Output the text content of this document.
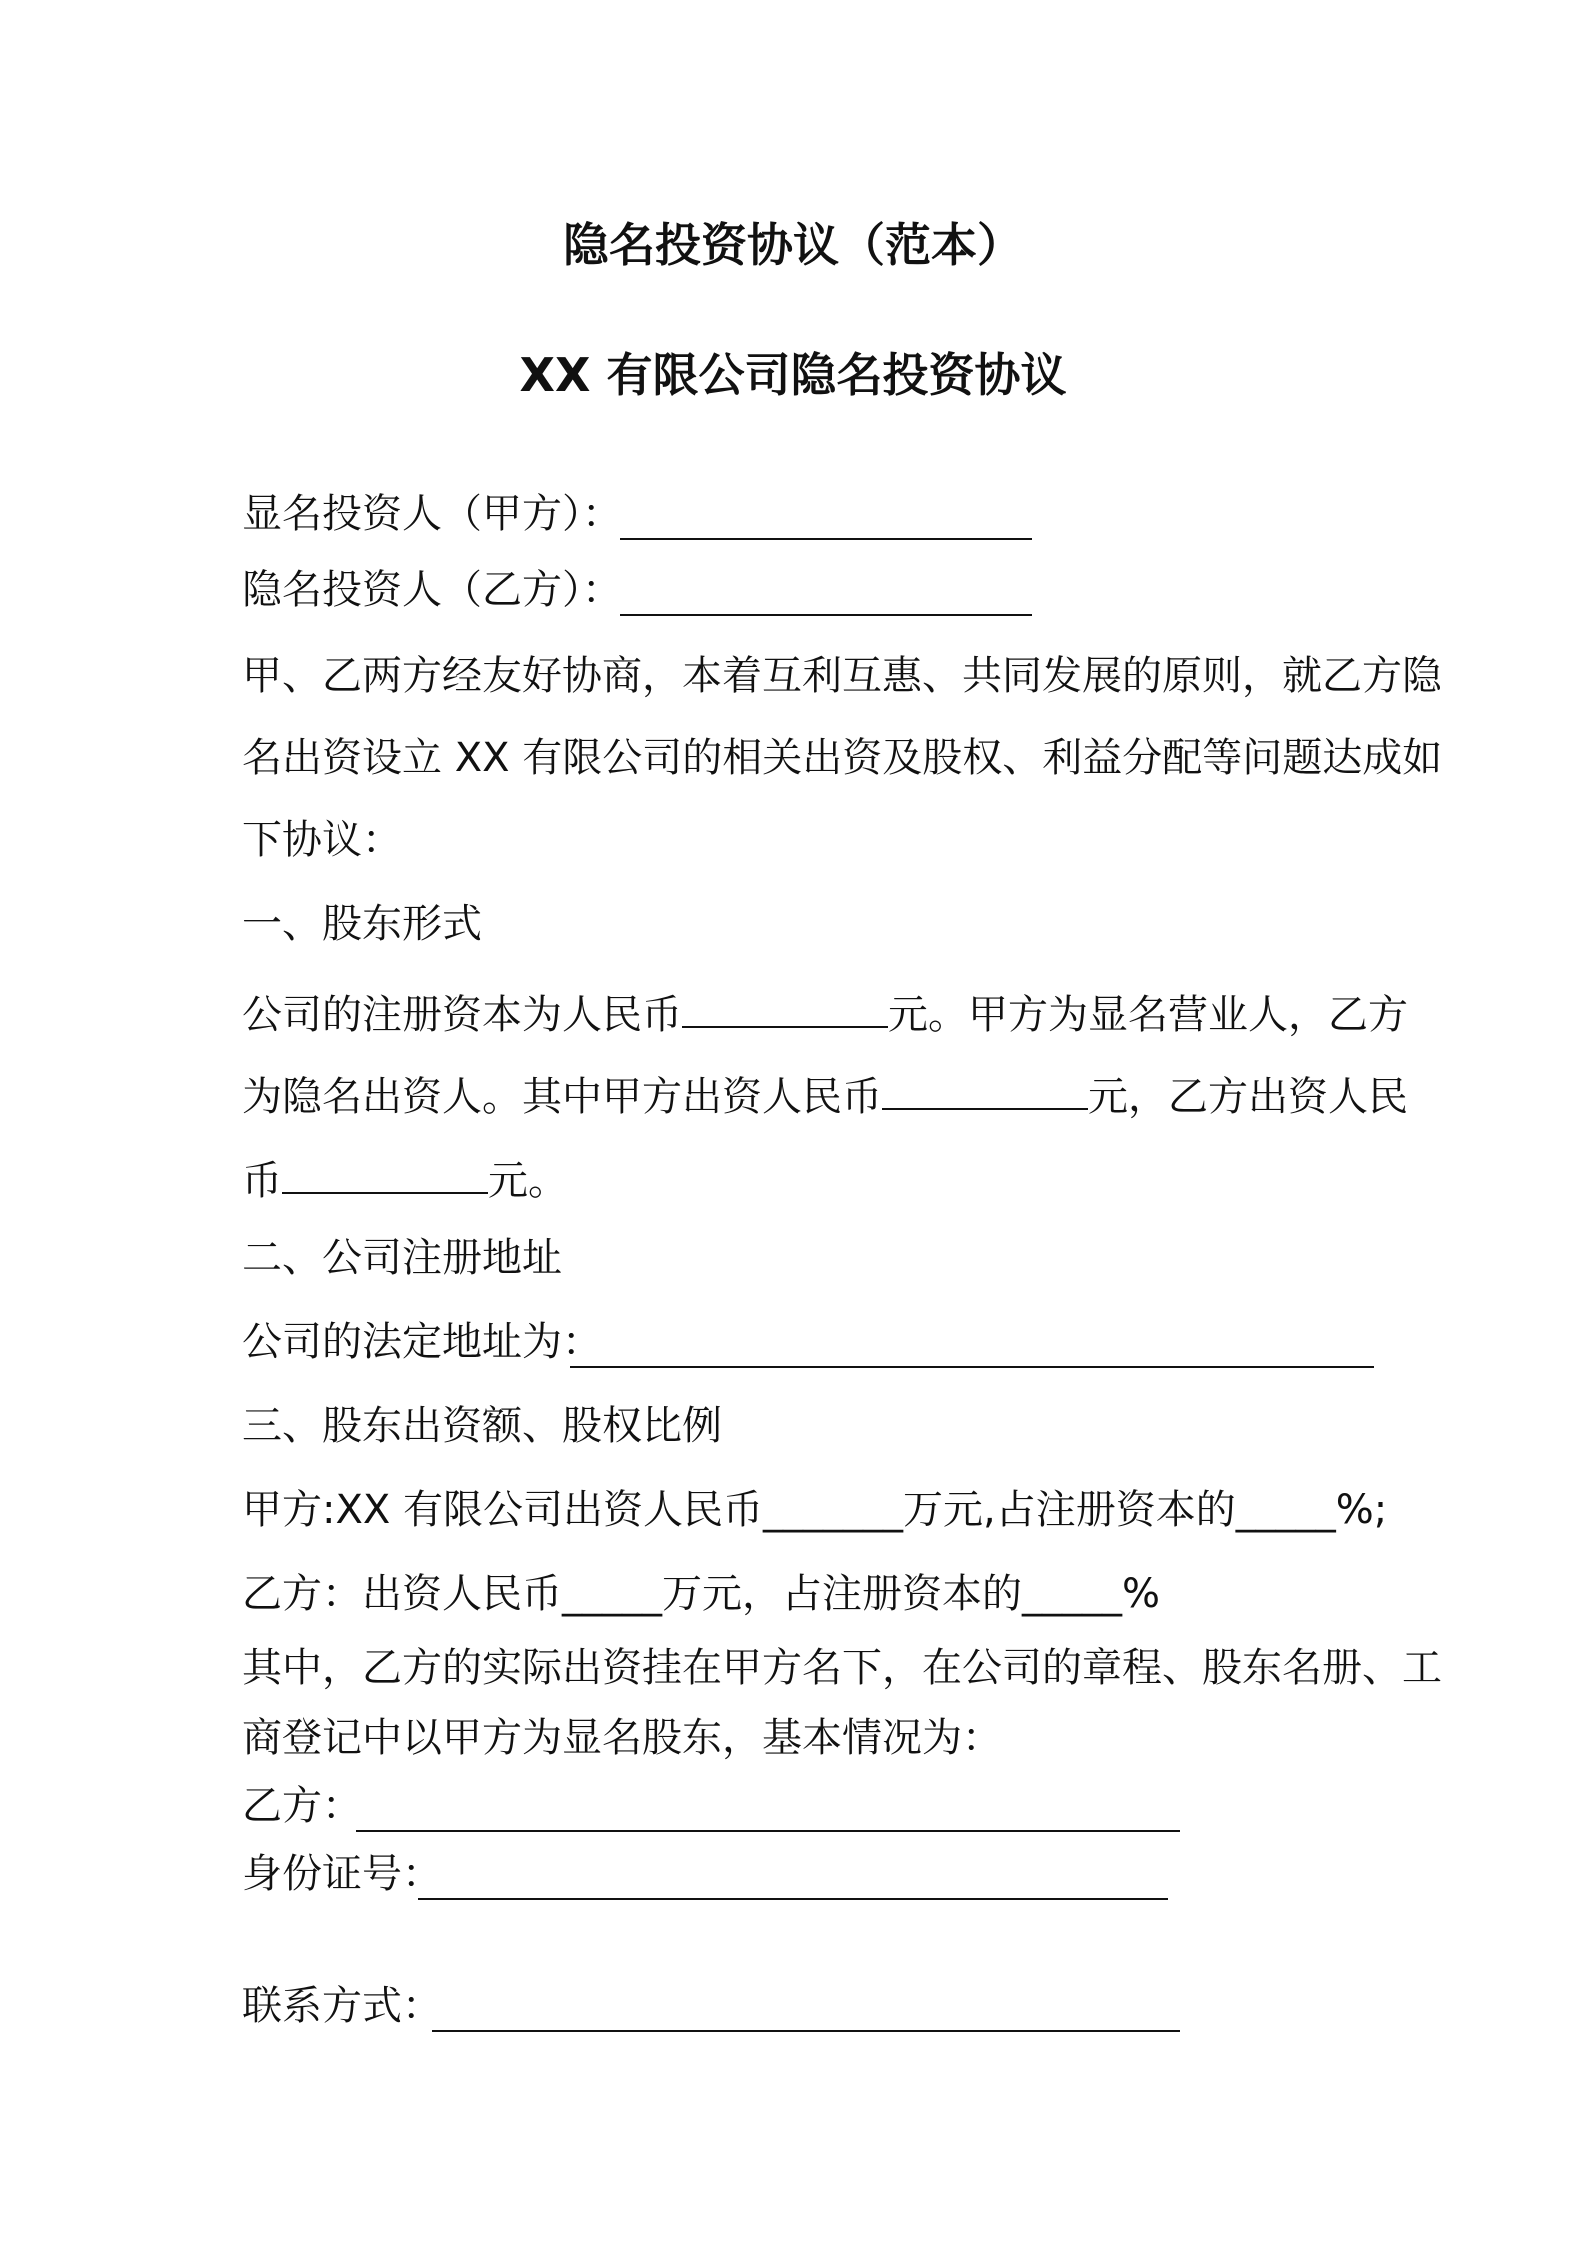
隐名投资协议（范本）
XX 有限公司隐名投资协议
显名投资人（甲方）：
隐名投资人（乙方）：
甲、乙两方经友好协商，本着互利互惠、共同发展的原则，就乙方隐
名出资设立 XX 有限公司的相关出资及股权、利益分配等问题达成如
下协议：
一、股东形式
公司的注册资本为人民币	元。甲方为显名营业人，乙方
为隐名出资人。其中甲方出资人民币	元，乙方出资人民
币	元。
二、公司注册地址
公司的法定地址为：
三、股东出资额、股权比例
甲方:XX 有限公司出资人民币_______万元,占注册资本的_____%;
乙方：出资人民币_____万元，占注册资本的_____%
其中，乙方的实际出资挂在甲方名下，在公司的章程、股东名册、工
商登记中以甲方为显名股东，基本情况为：
乙方：
身份证号：
联系方式：
